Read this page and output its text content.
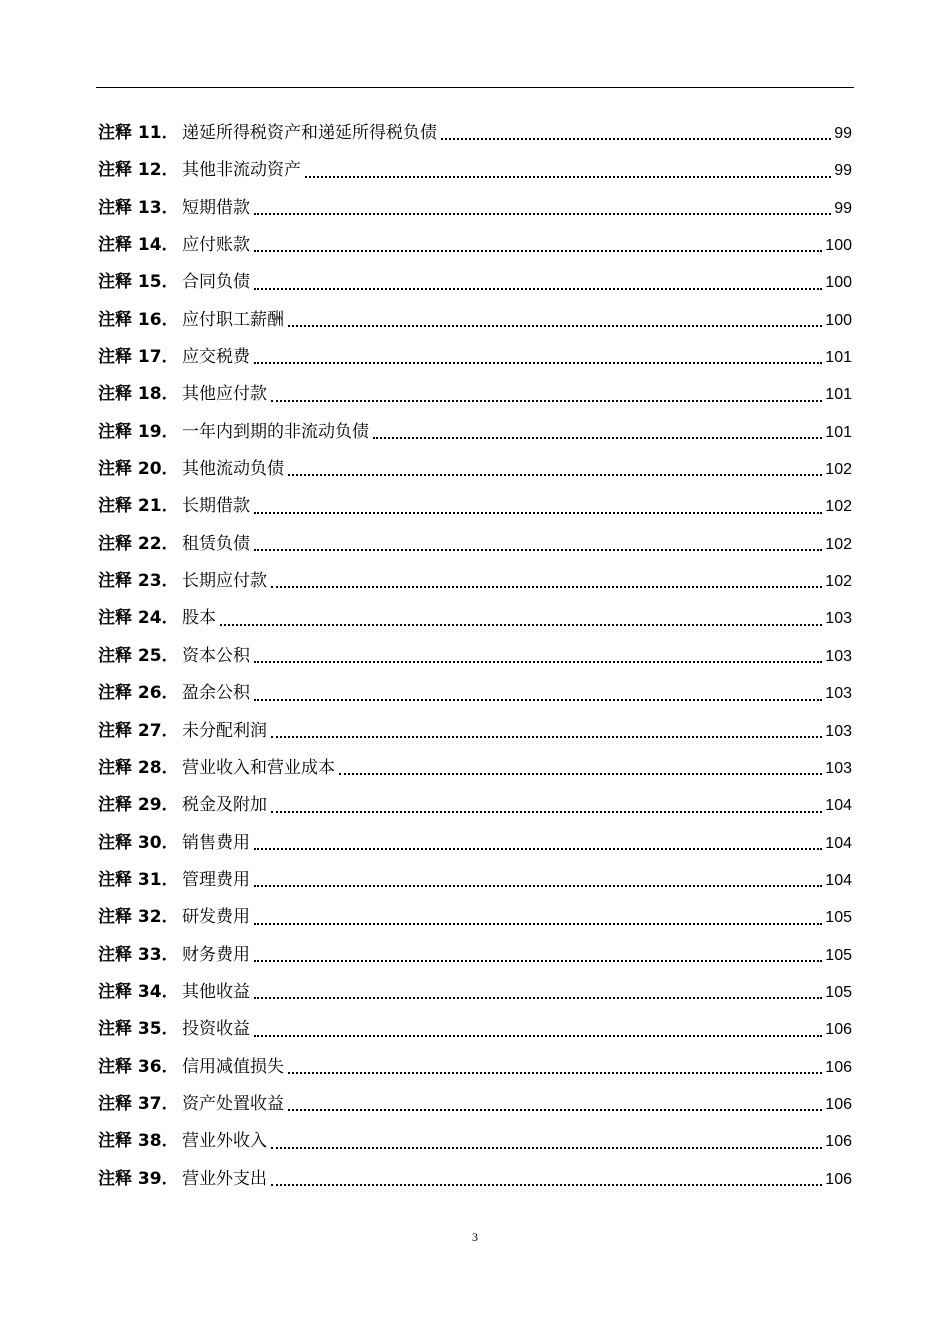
注释 11． 递延所得税资产和递延所得税负债	99
注释 12． 其他非流动资产	99
注释 13． 短期借款	99
注释 14． 应付账款	100
注释 15． 合同负债	100
注释 16． 应付职工薪酬	100
注释 17． 应交税费	101
注释 18． 其他应付款	101
注释 19． 一年内到期的非流动负债	101
注释 20． 其他流动负债	102
注释 21． 长期借款	102
注释 22． 租赁负债	102
注释 23． 长期应付款	102
注释 24． 股本	103
注释 25． 资本公积	103
注释 26． 盈余公积	103
注释 27． 未分配利润	103
注释 28． 营业收入和营业成本	103
注释 29． 税金及附加	104
注释 30． 销售费用	104
注释 31． 管理费用	104
注释 32． 研发费用	105
注释 33． 财务费用	105
注释 34． 其他收益	105
注释 35． 投资收益	106
注释 36． 信用减值损失	106
注释 37． 资产处置收益	106
注释 38． 营业外收入	106
注释 39． 营业外支出	106
3
